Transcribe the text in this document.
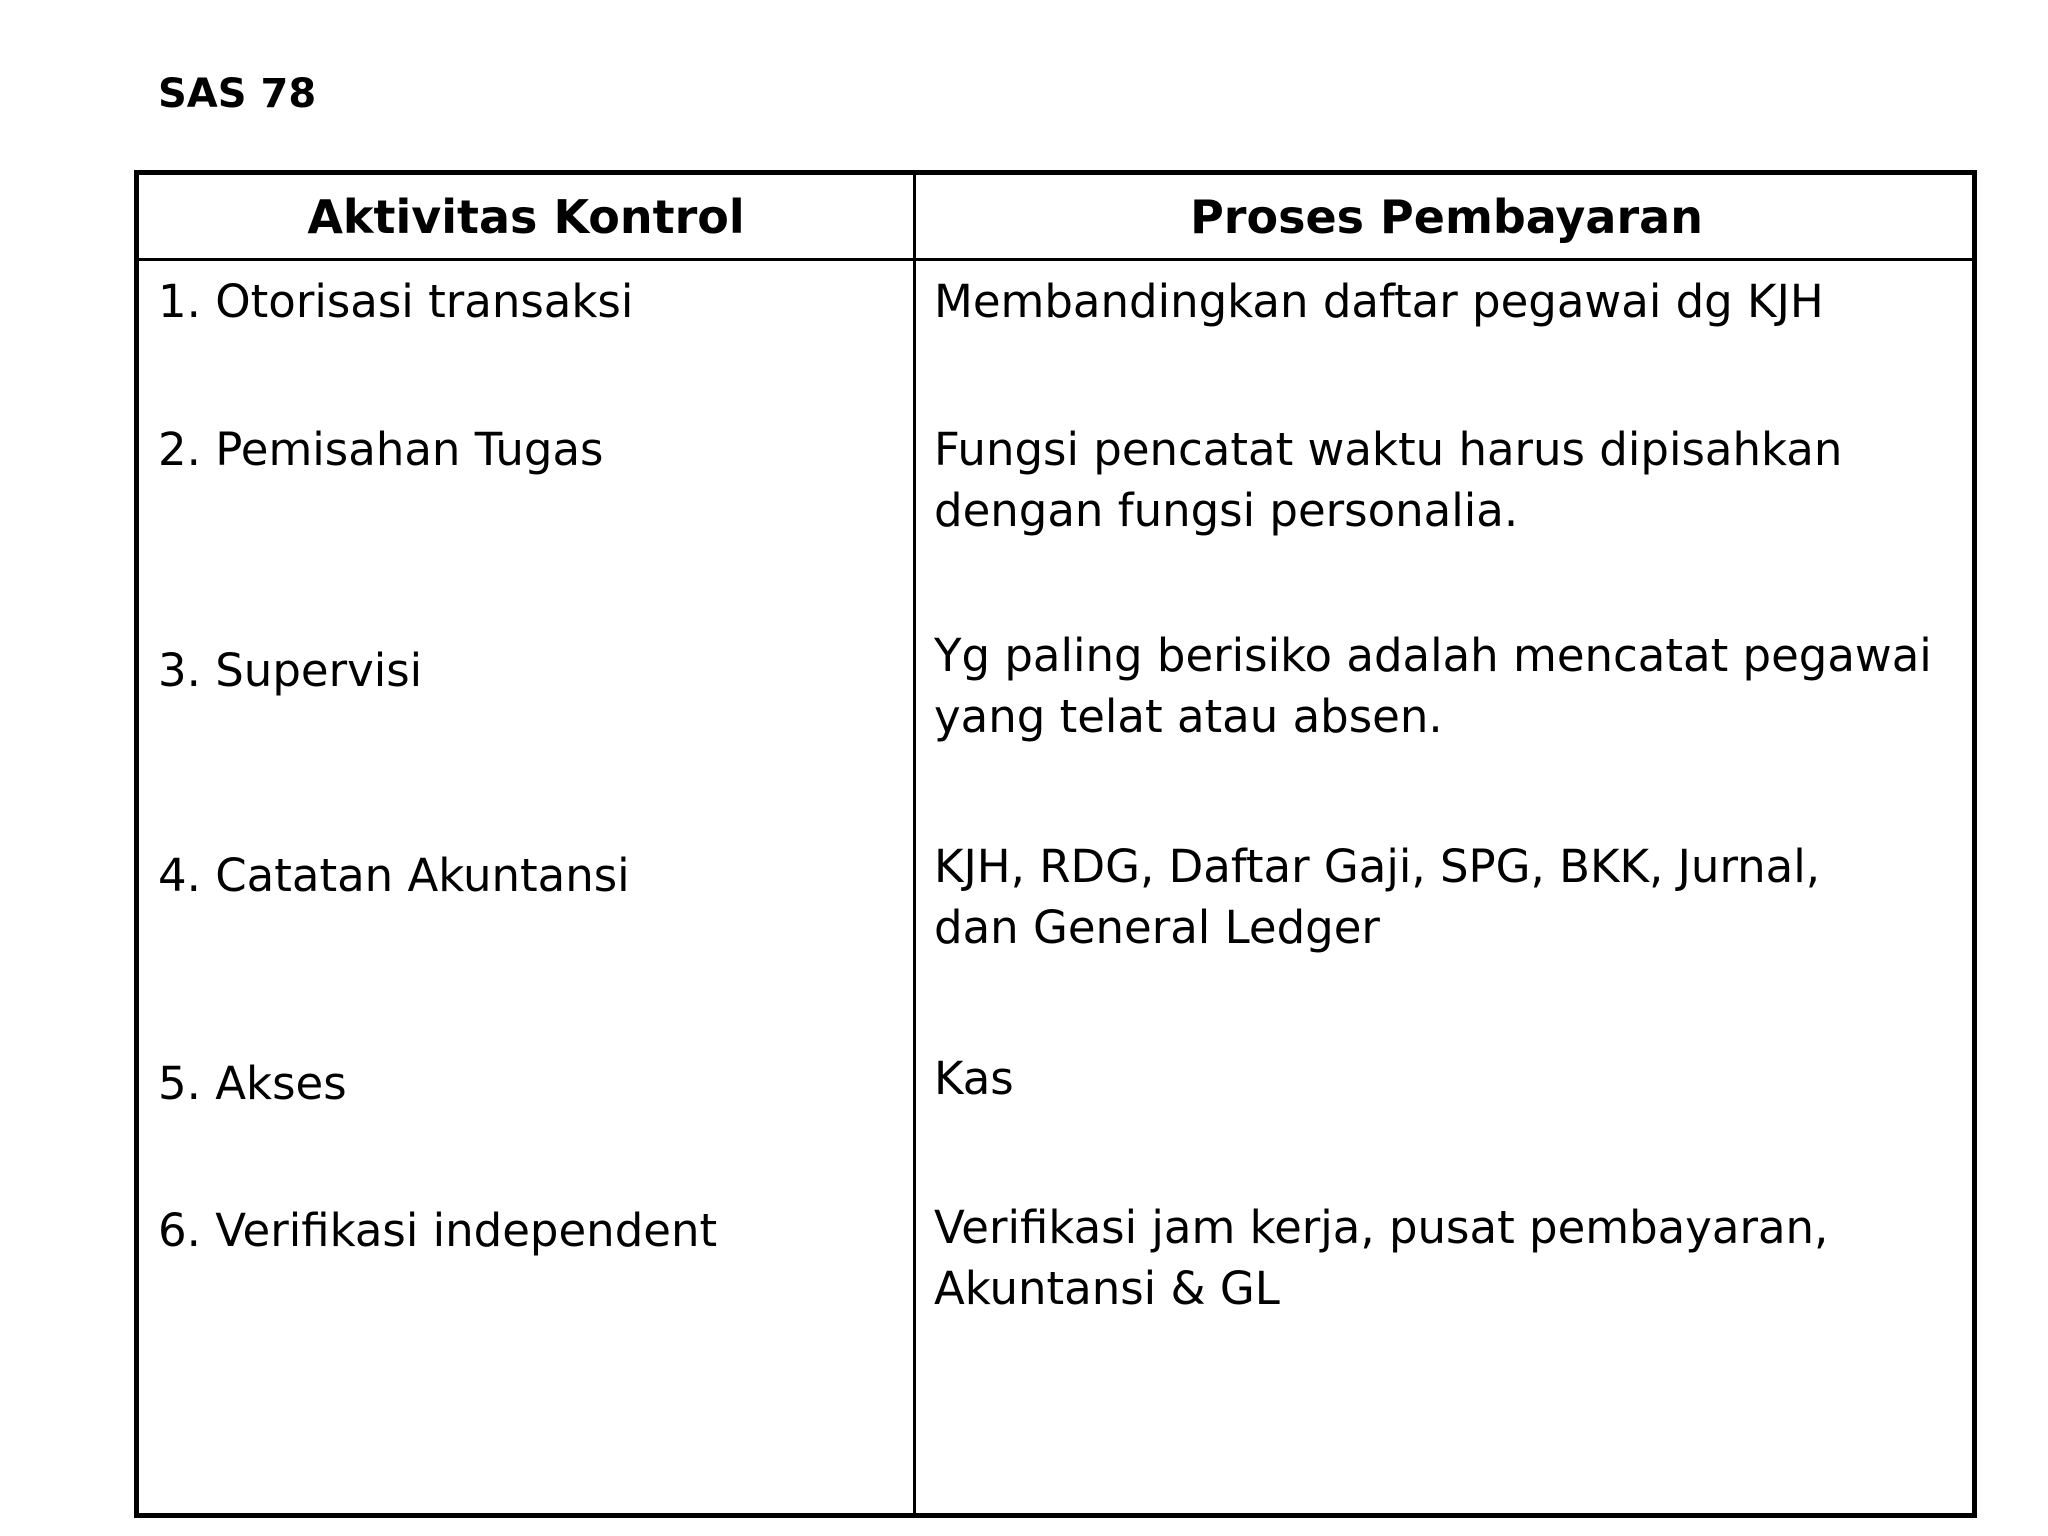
SAS 78
Aktivitas Kontrol	Proses Pembayaran
1. Otorisasi transaksi	Membandingkan daftar pegawai dg KJH
2. Pemisahan Tugas	Fungsi pencatat waktu harus dipisahkan
dengan fungsi personalia.
3. Supervisi	Yg paling berisiko adalah mencatat pegawai
yang telat atau absen.
4. Catatan Akuntansi	KJH, RDG, Daftar Gaji, SPG, BKK, Jurnal,
dan General Ledger
5. Akses	Kas
6. Verifikasi independent	Verifikasi jam kerja, pusat pembayaran,
Akuntansi & GL
